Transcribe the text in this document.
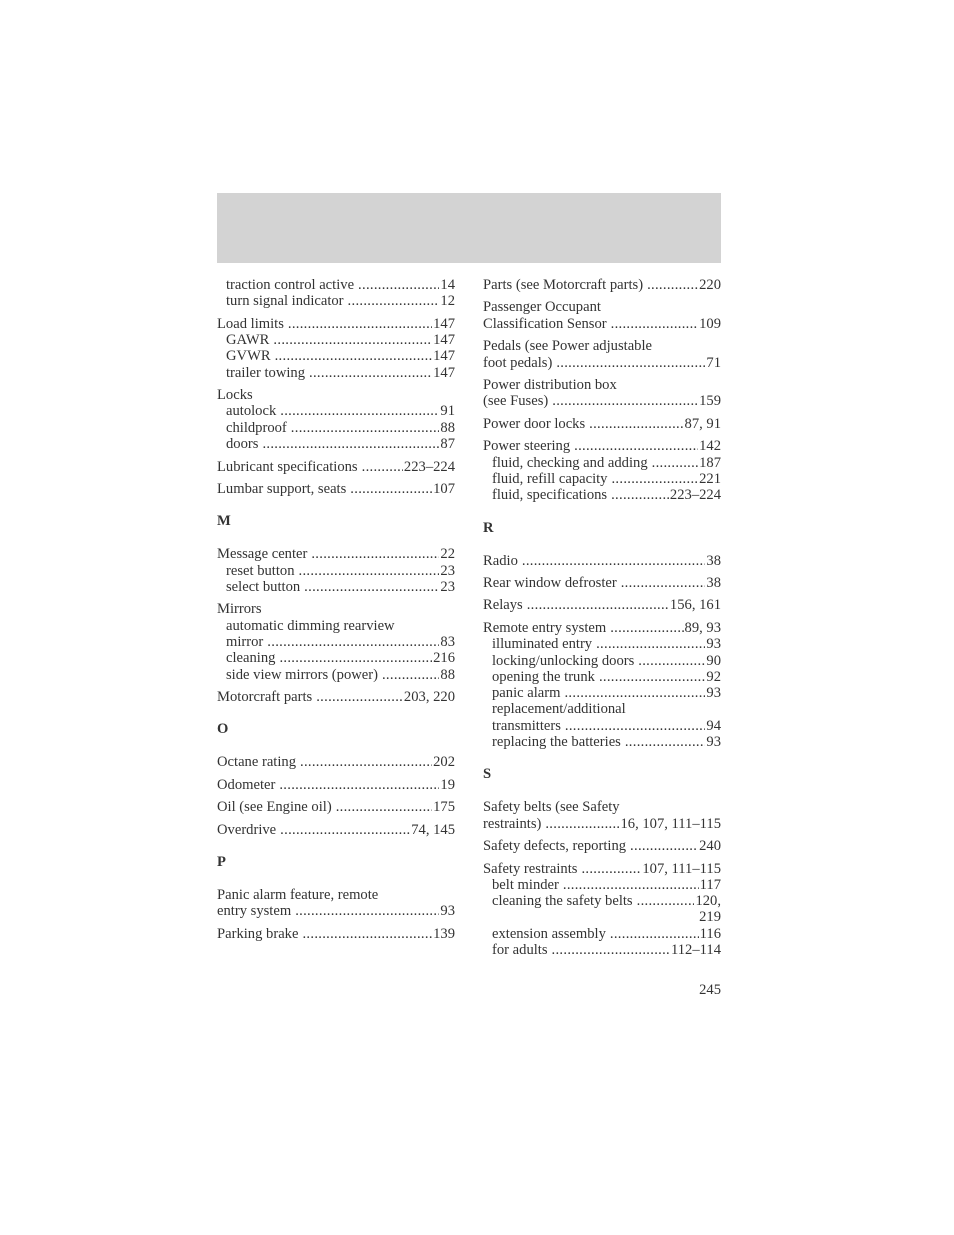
traction control active .....	14
turn signal indicator .....	12
Load limits .....	147
GAWR .....	147
GVWR .....	147
trailer towing .....	147
Locks
autolock .....	91
childproof .....	88
doors .....	87
Lubricant specifications .....	223–224
Lumbar support, seats .....	107
M
Message center .....	22
reset button .....	23
select button .....	23
Mirrors
automatic dimming rearview
mirror .....	83
cleaning .....	216
side view mirrors (power) .....	88
Motorcraft parts .....	203, 220
O
Octane rating .....	202
Odometer .....	19
Oil (see Engine oil) .....	175
Overdrive .....	74, 145
P
Panic alarm feature, remote
entry system .....	93
Parking brake .....	139
Parts (see Motorcraft parts) .....	220
Passenger Occupant
Classification Sensor .....	109
Pedals (see Power adjustable
foot pedals) .....	71
Power distribution box
(see Fuses) .....	159
Power door locks .....	87, 91
Power steering .....	142
fluid, checking and adding .....	187
fluid, refill capacity .....	221
fluid, specifications .....	223–224
R
Radio .....	38
Rear window defroster .....	38
Relays .....	156, 161
Remote entry system .....	89, 93
illuminated entry .....	93
locking/unlocking doors .....	90
opening the trunk .....	92
panic alarm .....	93
replacement/additional
transmitters .....	94
replacing the batteries .....	93
S
Safety belts (see Safety
restraints) .....	16, 107, 111–115
Safety defects, reporting .....	240
Safety restraints .....	107, 111–115
belt minder .....	117
cleaning the safety belts .....	120,
219
extension assembly .....	116
for adults .....	112–114
245
